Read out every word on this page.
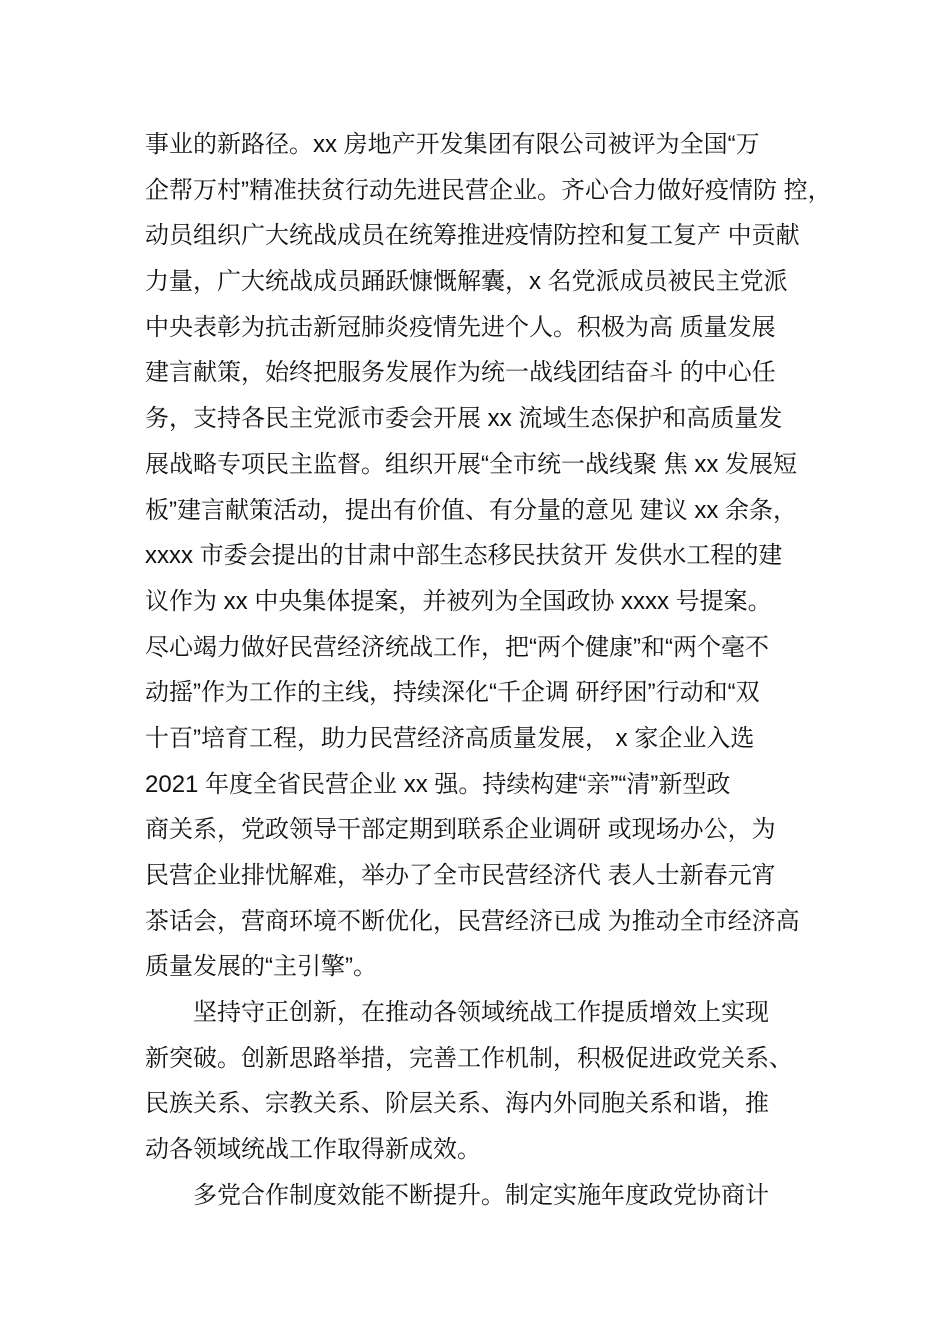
事业的新路径。xx 房地产开发集团有限公司被评为全国“万
企帮万村”精准扶贫行动先进民营企业。齐心合力做好疫情防 控，
动员组织广大统战成员在统筹推进疫情防控和复工复产 中贡献
力量，广大统战成员踊跃慷慨解囊，x 名党派成员被民主党派
中央表彰为抗击新冠肺炎疫情先进个人。积极为高 质量发展
建言献策，始终把服务发展作为统一战线团结奋斗 的中心任
务，支持各民主党派市委会开展 xx 流域生态保护和高质量发
展战略专项民主监督。组织开展“全市统一战线聚 焦 xx 发展短
板”建言献策活动，提出有价值、有分量的意见 建议 xx 余条，
xxxx 市委会提出的甘肃中部生态移民扶贫开 发供水工程的建
议作为 xx 中央集体提案，并被列为全国政协 xxxx 号提案。
尽心竭力做好民营经济统战工作，把“两个健康”和“两个毫不
动摇”作为工作的主线，持续深化“千企调 研纾困”行动和“双
十百”培育工程，助力民营经济高质量发展， x 家企业入选
2021 年度全省民营企业 xx 强。持续构建“亲”“清”新型政
商关系，党政领导干部定期到联系企业调研 或现场办公，为
民营企业排忧解难，举办了全市民营经济代 表人士新春元宵
茶话会，营商环境不断优化，民营经济已成 为推动全市经济高
质量发展的“主引擎”。
坚持守正创新，在推动各领域统战工作提质增效上实现
新突破。创新思路举措，完善工作机制，积极促进政党关系、
民族关系、宗教关系、阶层关系、海内外同胞关系和谐，推
动各领域统战工作取得新成效。
多党合作制度效能不断提升。制定实施年度政党协商计
